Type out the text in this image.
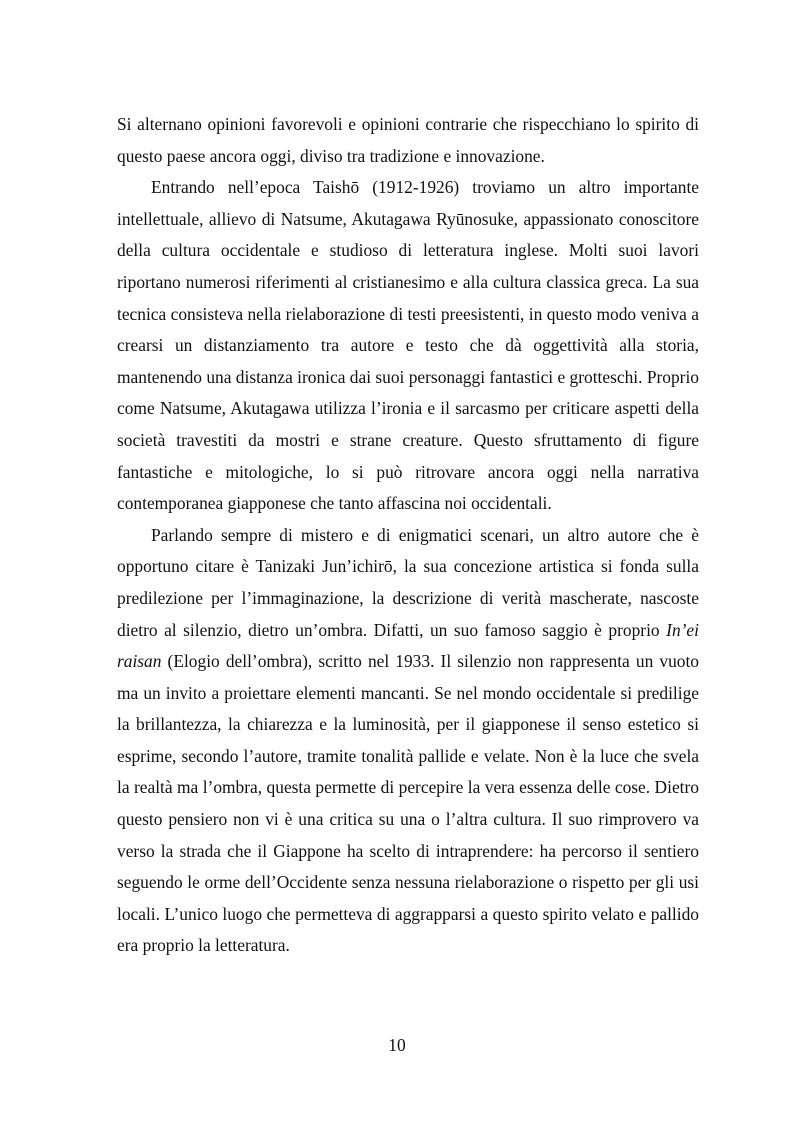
Si alternano opinioni favorevoli e opinioni contrarie che rispecchiano lo spirito di questo paese ancora oggi, diviso tra tradizione e innovazione.

Entrando nell’epoca Taishō (1912-1926) troviamo un altro importante intellettuale, allievo di Natsume, Akutagawa Ryūnosuke, appassionato conoscitore della cultura occidentale e studioso di letteratura inglese. Molti suoi lavori riportano numerosi riferimenti al cristianesimo e alla cultura classica greca. La sua tecnica consisteva nella rielaborazione di testi preesistenti, in questo modo veniva a crearsi un distanziamento tra autore e testo che dà oggettività alla storia, mantenendo una distanza ironica dai suoi personaggi fantastici e grotteschi. Proprio come Natsume, Akutagawa utilizza l’ironia e il sarcasmo per criticare aspetti della società travestiti da mostri e strane creature. Questo sfruttamento di figure fantastiche e mitologiche, lo si può ritrovare ancora oggi nella narrativa contemporanea giapponese che tanto affascina noi occidentali.

Parlando sempre di mistero e di enigmatici scenari, un altro autore che è opportuno citare è Tanizaki Jun’ichirō, la sua concezione artistica si fonda sulla predilezione per l’immaginazione, la descrizione di verità mascherate, nascoste dietro al silenzio, dietro un’ombra. Difatti, un suo famoso saggio è proprio In’ei raisan (Elogio dell’ombra), scritto nel 1933. Il silenzio non rappresenta un vuoto ma un invito a proiettare elementi mancanti. Se nel mondo occidentale si predilige la brillantezza, la chiarezza e la luminosità, per il giapponese il senso estetico si esprime, secondo l’autore, tramite tonalità pallide e velate. Non è la luce che svela la realtà ma l’ombra, questa permette di percepire la vera essenza delle cose. Dietro questo pensiero non vi è una critica su una o l’altra cultura. Il suo rimprovero va verso la strada che il Giappone ha scelto di intraprendere: ha percorso il sentiero seguendo le orme dell’Occidente senza nessuna rielaborazione o rispetto per gli usi locali. L’unico luogo che permetteva di aggrapparsi a questo spirito velato e pallido era proprio la letteratura.

10
